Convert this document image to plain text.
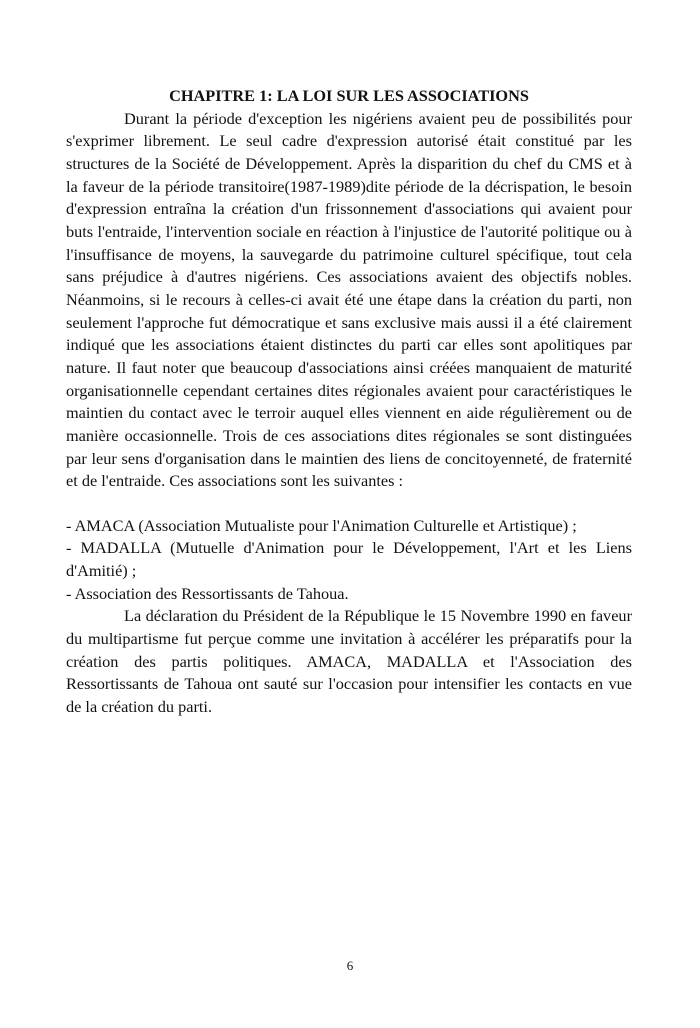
CHAPITRE 1: LA LOI SUR LES ASSOCIATIONS

Durant la période d'exception les nigériens avaient peu de possibilités pour s'exprimer librement. Le seul cadre d'expression autorisé était constitué par les structures de la Société de Développement. Après la disparition du chef du CMS et à la faveur de la période transitoire(1987-1989)dite période de la décrispation, le besoin d'expression entraîna la création d'un frissonnement d'associations qui avaient pour buts l'entraide, l'intervention sociale en réaction à l'injustice de l'autorité politique ou à l'insuffisance de moyens, la sauvegarde du patrimoine culturel spécifique, tout cela sans préjudice à d'autres nigériens. Ces associations avaient des objectifs nobles. Néanmoins, si le recours à celles-ci avait été une étape dans la création du parti, non seulement l'approche fut démocratique et sans exclusive mais aussi il a été clairement indiqué que les associations étaient distinctes du parti car elles sont apolitiques par nature. Il faut noter que beaucoup d'associations ainsi créées manquaient de maturité organisationnelle cependant certaines dites régionales avaient pour caractéristiques le maintien du contact avec le terroir auquel elles viennent en aide régulièrement ou de manière occasionnelle. Trois de ces associations dites régionales se sont distinguées par leur sens d'organisation dans le maintien des liens de concitoyenneté, de fraternité et de l'entraide. Ces associations sont les suivantes :

- AMACA (Association Mutualiste pour l'Animation Culturelle et Artistique) ;

- MADALLA (Mutuelle d'Animation pour le Développement, l'Art et les Liens d'Amitié) ;

- Association des Ressortissants de Tahoua.

La déclaration du Président de la République le 15 Novembre 1990 en faveur du multipartisme fut perçue comme une invitation à accélérer les préparatifs pour la création des partis politiques. AMACA, MADALLA et l'Association des Ressortissants de Tahoua ont sauté sur l'occasion pour intensifier les contacts en vue de la création du parti.

6
